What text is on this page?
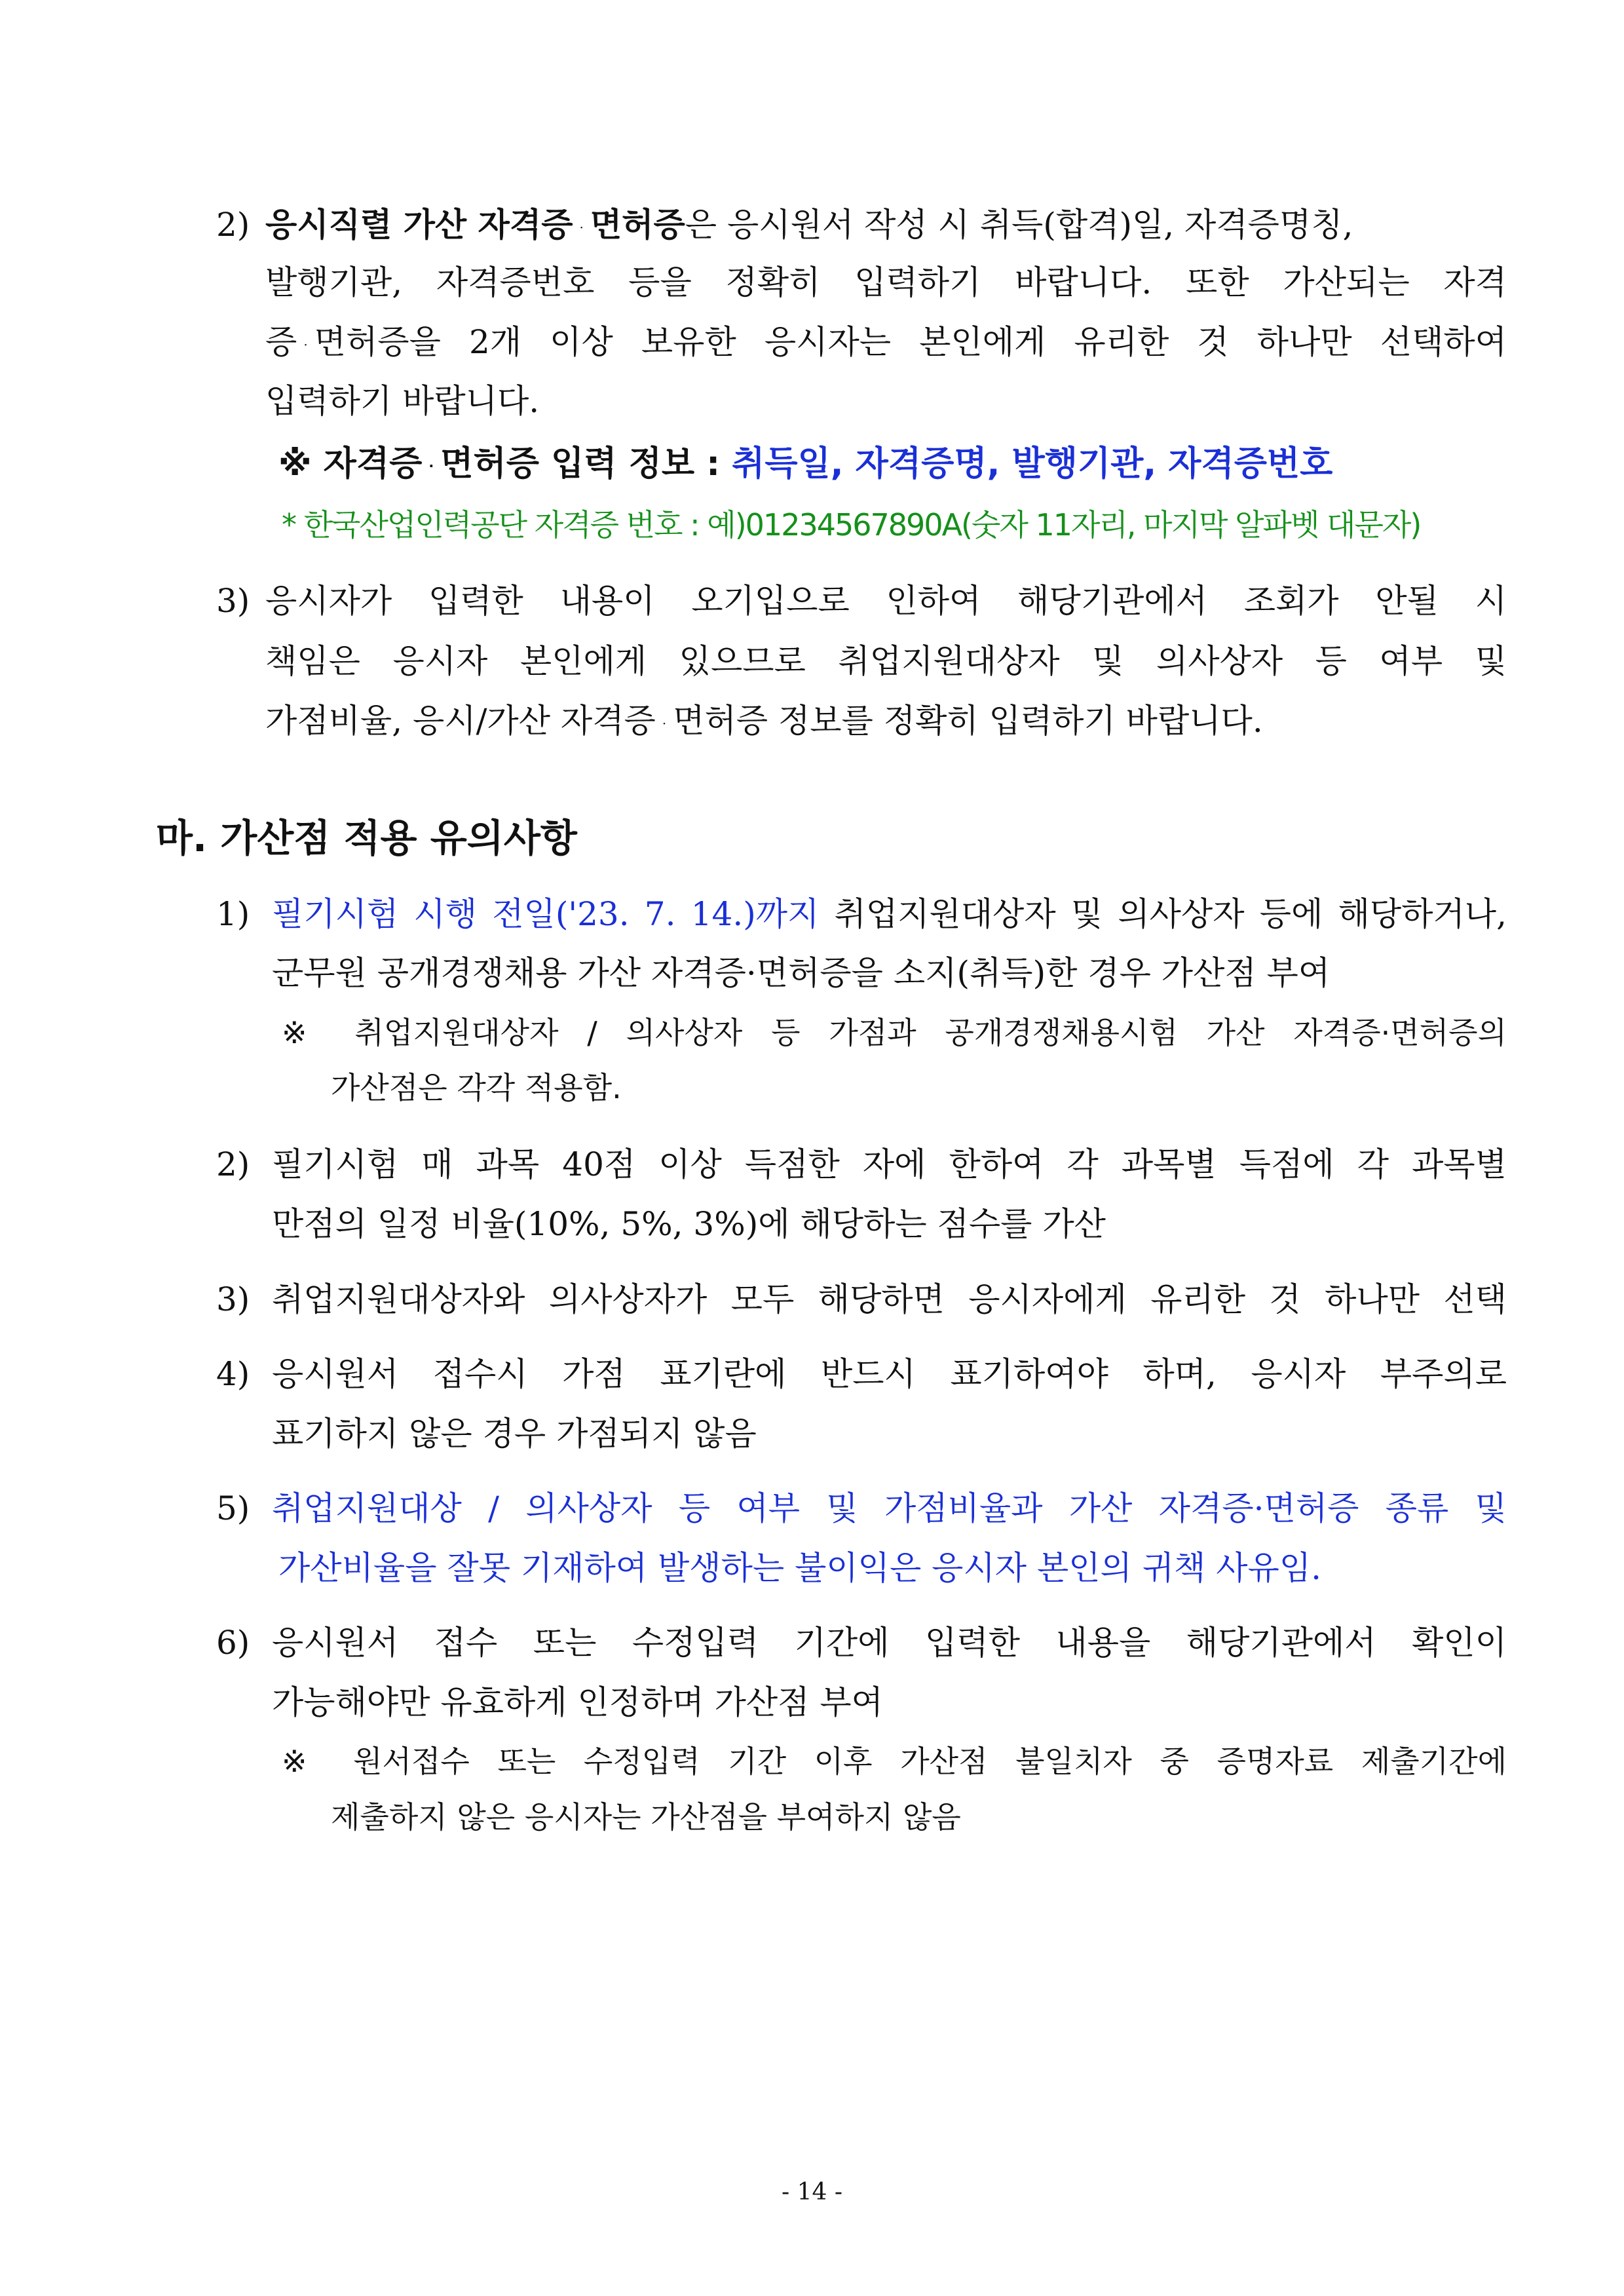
2) 응시직렬 가산 자격증 · 면허증은 응시원서 작성 시 취득(합격)일, 자격증명칭,
발행기관, 자격증번호 등을 정확히 입력하기 바랍니다. 또한 가산되는 자격
증 · 면허증을 2개 이상 보유한 응시자는 본인에게 유리한 것 하나만 선택하여
입력하기 바랍니다.
※ 자격증 · 면허증 입력 정보 : 취득일, 자격증명, 발행기관, 자격증번호
* 한국산업인력공단 자격증 번호 : 예)01234567890A(숫자 11자리, 마지막 알파벳 대문자)
3) 응시자가 입력한 내용이 오기입으로 인하여 해당기관에서 조회가 안될 시
책임은 응시자 본인에게 있으므로 취업지원대상자 및 의사상자 등 여부 및
가점비율, 응시/가산 자격증 · 면허증 정보를 정확히 입력하기 바랍니다.
마. 가산점 적용 유의사항
1) 필기시험 시행 전일('23. 7. 14.)까지 취업지원대상자 및 의사상자 등에 해당하거나,
군무원 공개경쟁채용 가산 자격증·면허증을 소지(취득)한 경우 가산점 부여
※ 취업지원대상자 / 의사상자 등 가점과 공개경쟁채용시험 가산 자격증·면허증의
가산점은 각각 적용함.
2) 필기시험 매 과목 40점 이상 득점한 자에 한하여 각 과목별 득점에 각 과목별
만점의 일정 비율(10%, 5%, 3%)에 해당하는 점수를 가산
3) 취업지원대상자와 의사상자가 모두 해당하면 응시자에게 유리한 것 하나만 선택
4) 응시원서 접수시 가점 표기란에 반드시 표기하여야 하며, 응시자 부주의로
표기하지 않은 경우 가점되지 않음
5) 취업지원대상 / 의사상자 등 여부 및 가점비율과 가산 자격증·면허증 종류 및
가산비율을 잘못 기재하여 발생하는 불이익은 응시자 본인의 귀책 사유임.
6) 응시원서 접수 또는 수정입력 기간에 입력한 내용을 해당기관에서 확인이
가능해야만 유효하게 인정하며 가산점 부여
※ 원서접수 또는 수정입력 기간 이후 가산점 불일치자 중 증명자료 제출기간에
제출하지 않은 응시자는 가산점을 부여하지 않음
- 14 -
